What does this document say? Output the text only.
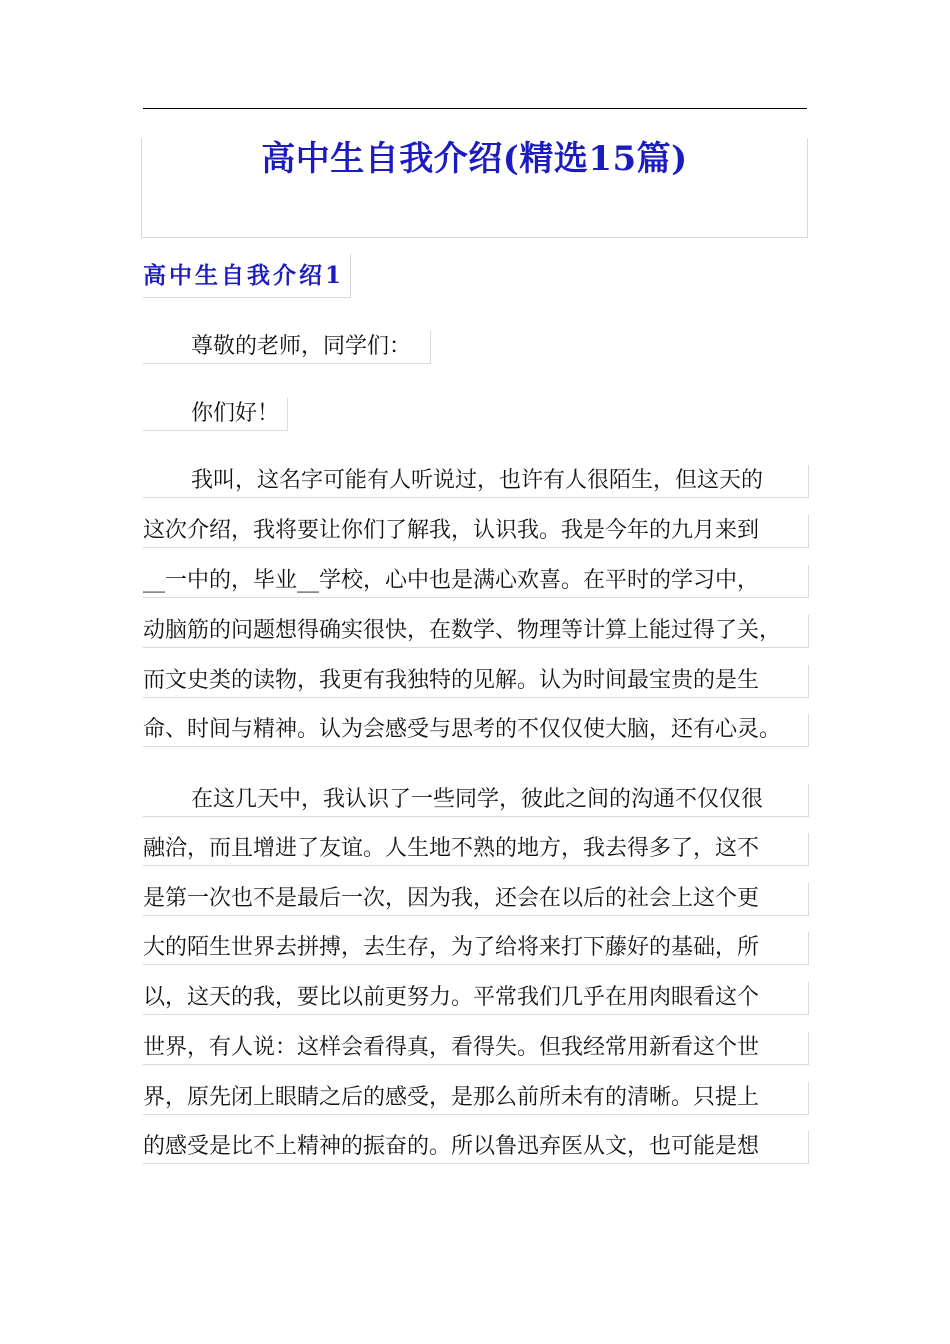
高中生自我介绍(精选15篇)
高中生自我介绍1
尊敬的老师，同学们：
你们好！
我叫，这名字可能有人听说过，也许有人很陌生，但这天的
这次介绍，我将要让你们了解我，认识我。我是今年的九月来到
__一中的，毕业__学校，心中也是满心欢喜。在平时的学习中，
动脑筋的问题想得确实很快，在数学、物理等计算上能过得了关，
而文史类的读物，我更有我独特的见解。认为时间最宝贵的是生
命、时间与精神。认为会感受与思考的不仅仅使大脑，还有心灵。
在这几天中，我认识了一些同学，彼此之间的沟通不仅仅很
融洽，而且增进了友谊。人生地不熟的地方，我去得多了，这不
是第一次也不是最后一次，因为我，还会在以后的社会上这个更
大的陌生世界去拼搏，去生存，为了给将来打下藤好的基础，所
以，这天的我，要比以前更努力。平常我们几乎在用肉眼看这个
世界，有人说：这样会看得真，看得失。但我经常用新看这个世
界，原先闭上眼睛之后的感受，是那么前所未有的清晰。只提上
的感受是比不上精神的振奋的。所以鲁迅弃医从文，也可能是想
